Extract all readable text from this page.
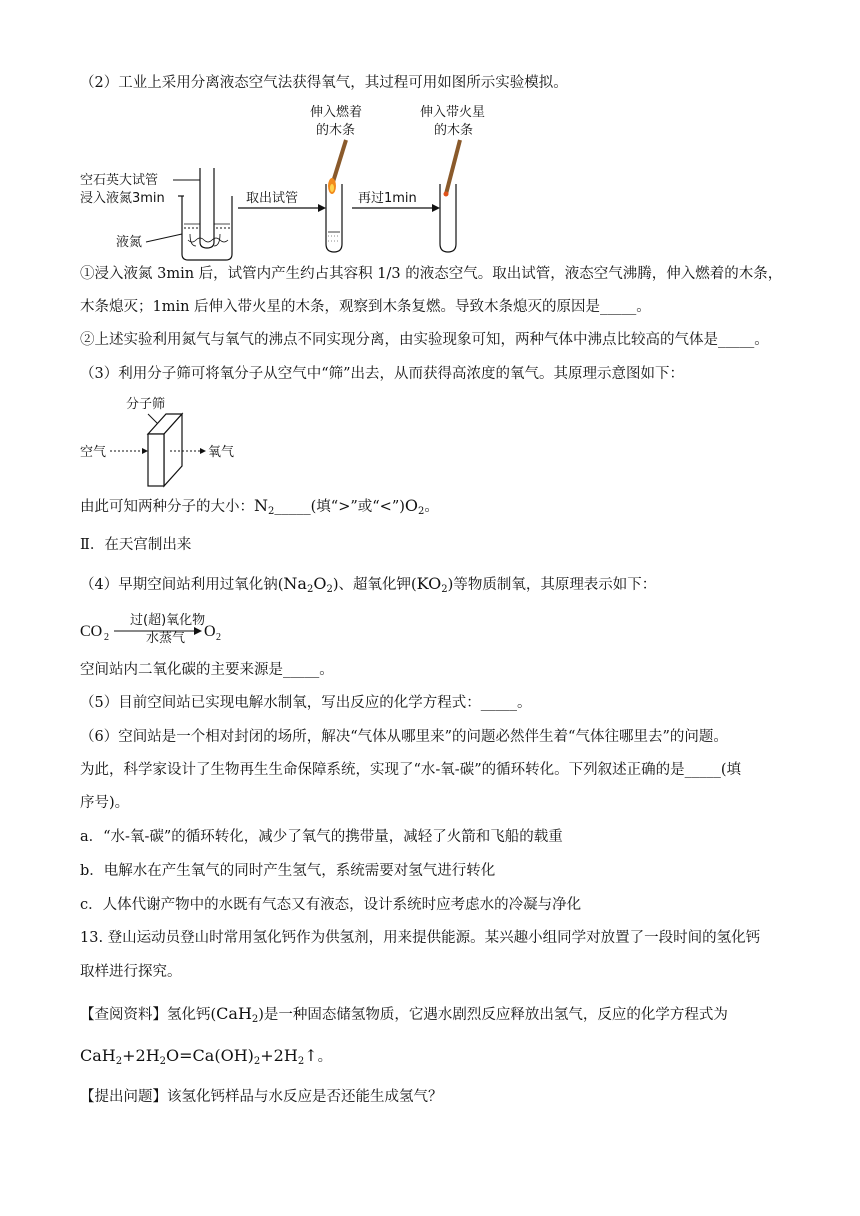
（2）工业上采用分离液态空气法获得氧气，其过程可用如图所示实验模拟。
空石英大试管
浸入液氮3min
液氮
取出试管
伸入燃着
的木条
再过1min
伸入带火星
的木条
①浸入液氮 3min 后，试管内产生约占其容积 1/3 的液态空气。取出试管，液态空气沸腾，伸入燃着的木条，
木条熄灭；1min 后伸入带火星的木条，观察到木条复燃。导致木条熄灭的原因是_____。
②上述实验利用氮气与氧气的沸点不同实现分离，由实验现象可知，两种气体中沸点比较高的气体是_____。
（3）利用分子筛可将氧分子从空气中“筛”出去，从而获得高浓度的氧气。其原理示意图如下：
分子筛
空气	氧气
由此可知两种分子的大小：$N_2\_\_\_\_\_$(填“>”或“$<”)O_2$。
Ⅱ．在天宫制出来
（4）早期空间站利用过氧化钠$(Na_2O_2)$、超氧化钾$(KO_2)$等物质制氧，其原理表示如下：
CO 2
过(超)氧化物
水蒸气 O 2
空间站内二氧化碳的主要来源是_____。
（5）目前空间站已实现电解水制氧，写出反应的化学方程式：_____。
（6）空间站是一个相对封闭的场所，解决“气体从哪里来”的问题必然伴生着“气体往哪里去”的问题。
为此，科学家设计了生物再生生命保障系统，实现了“水-氧-碳”的循环转化。下列叙述正确的是_____(填
序号)。
a．“水-氧-碳”的循环转化，减少了氧气的携带量，减轻了火箭和飞船的载重
b．电解水在产生氧气的同时产生氢气，系统需要对氢气进行转化
c．人体代谢产物中的水既有气态又有液态，设计系统时应考虑水的冷凝与净化
13. 登山运动员登山时常用氢化钙作为供氢剂，用来提供能源。某兴趣小组同学对放置了一段时间的氢化钙
取样进行探究。
【查阅资料】氢化钙(CaH$_2$)是一种固态储氢物质，它遇水剧烈反应释放出氢气，反应的化学方程式为
$CaH_2+2H_2O=Ca(OH)_2+2H_2↑$。
【提出问题】该氢化钙样品与水反应是否还能生成氢气？
